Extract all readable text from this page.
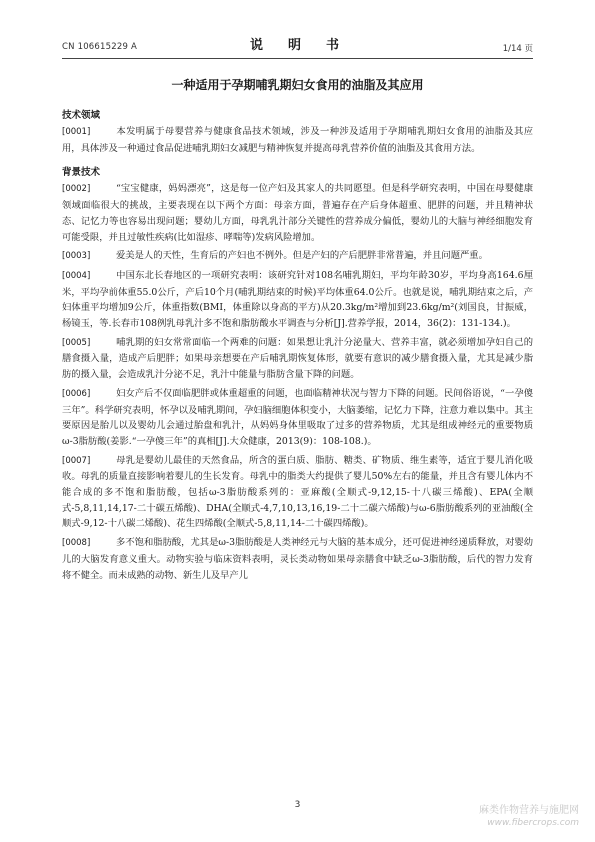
CN 106615229 A	说　明　书	1/14 页
一种适用于孕期哺乳期妇女食用的油脂及其应用

技术领域

[0001]	本发明属于母婴营养与健康食品技术领域，涉及一种涉及适用于孕期哺乳期妇女食用的油脂及其应用，具体涉及一种通过食品促进哺乳期妇女减肥与精神恢复并提高母乳营养价值的油脂及其食用方法。

背景技术

[0002]	“宝宝健康，妈妈漂亮”，这是每一位产妇及其家人的共同愿望。但是科学研究表明，中国在母婴健康领域面临很大的挑战，主要表现在以下两个方面：母亲方面，普遍存在产后身体超重、肥胖的问题，并且精神状态、记忆力等也容易出现问题；婴幼儿方面，母乳乳汁部分关键性的营养成分偏低，婴幼儿的大脑与神经细胞发育可能受限，并且过敏性疾病(比如湿疹、哮喘等)发病风险增加。

[0003]	爱美是人的天性，生育后的产妇也不例外。但是产妇的产后肥胖非常普遍，并且问题严重。

[0004]	中国东北长春地区的一项研究表明：该研究针对108名哺乳期妇，平均年龄30岁，平均身高164.6厘米，平均孕前体重55.0公斤，产后10个月(哺乳期结束的时候)平均体重64.0公斤。也就是说，哺乳期结束之后，产妇体重平均增加9公斤，体重指数(BMI，体重除以身高的平方)从20.3kg/m²增加到23.6kg/m²(刘国良，甘振威，杨镜玉，等.长春市108例乳母乳汁多不饱和脂肪酸水平调查与分析[J].营养学报，2014，36(2)：131-134.)。

[0005]	哺乳期的妇女常常面临一个两难的问题：如果想让乳汁分泌量大、营养丰富，就必须增加孕妇自己的膳食摄入量，造成产后肥胖；如果母亲想要在产后哺乳期恢复体形，就要有意识的减少膳食摄入量，尤其是减少脂肪的摄入量，会造成乳汁分泌不足，乳汁中能量与脂肪含量下降的问题。

[0006]	妇女产后不仅面临肥胖或体重超重的问题，也面临精神状况与智力下降的问题。民间俗语说，“一孕傻三年”。科学研究表明，怀孕以及哺乳期间，孕妇脑细胞体积变小，大脑萎缩，记忆力下降，注意力难以集中。其主要原因是胎儿以及婴幼儿会通过胎盘和乳汁，从妈妈身体里吸取了过多的营养物质，尤其是组成神经元的重要物质ω-3脂肪酸(姜影.“一孕傻三年”的真相[J].大众健康，2013(9)：108-108.)。

[0007]	母乳是婴幼儿最佳的天然食品，所含的蛋白质、脂肪、糖类、矿物质、维生素等，适宜于婴儿消化吸收。母乳的质量直接影响着婴儿的生长发育。母乳中的脂类大约提供了婴儿50%左右的能量，并且含有婴儿体内不能合成的多不饱和脂肪酸，包括ω-3脂肪酸系列的：亚麻酸(全顺式-9,12,15-十八碳三烯酸)、EPA(全顺式-5,8,11,14,17-二十碳五烯酸)、DHA(全顺式-4,7,10,13,16,19-二十二碳六烯酸)与ω-6脂肪酸系列的亚油酸(全顺式-9,12-十八碳二烯酸)、花生四烯酸(全顺式-5,8,11,14-二十碳四烯酸)。

[0008]	多不饱和脂肪酸，尤其是ω-3脂肪酸是人类神经元与大脑的基本成分，还可促进神经递质释放，对婴幼儿的大脑发育意义重大。动物实验与临床资料表明，灵长类动物如果母亲膳食中缺乏ω-3脂肪酸，后代的智力发育将不健全。而未成熟的动物、新生儿及早产儿

3	麻类作物营养与施肥网
www.fibercrops.com
